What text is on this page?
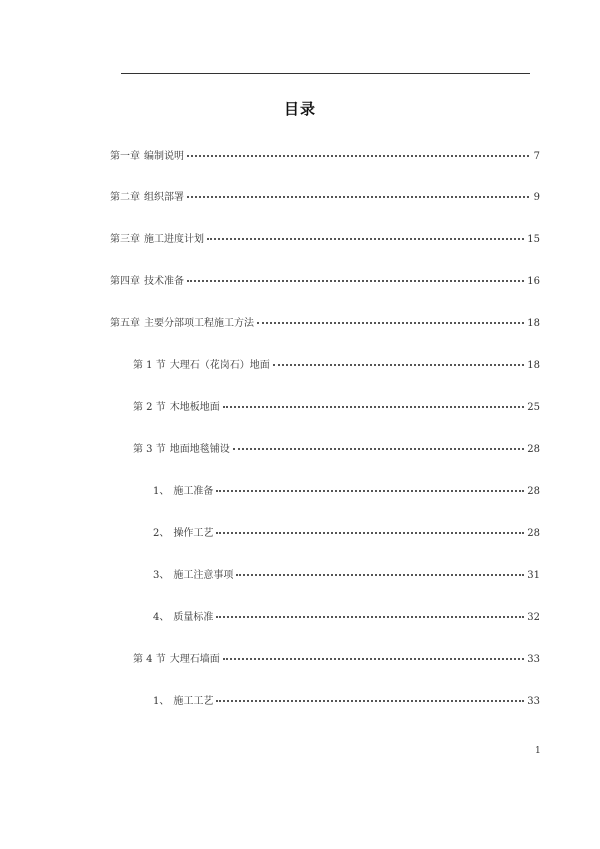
目录
第一章 编制说明	7
第二章 组织部署	9
第三章 施工进度计划	15
第四章 技术准备	16
第五章 主要分部项工程施工方法	18
第 1 节 大理石（花岗石）地面	18
第 2 节 木地板地面	25
第 3 节 地面地毯铺设	28
1、 施工准备	28
2、 操作工艺	28
3、 施工注意事项	31
4、 质量标准	32
第 4 节 大理石墙面	33
1、 施工工艺	33
1
